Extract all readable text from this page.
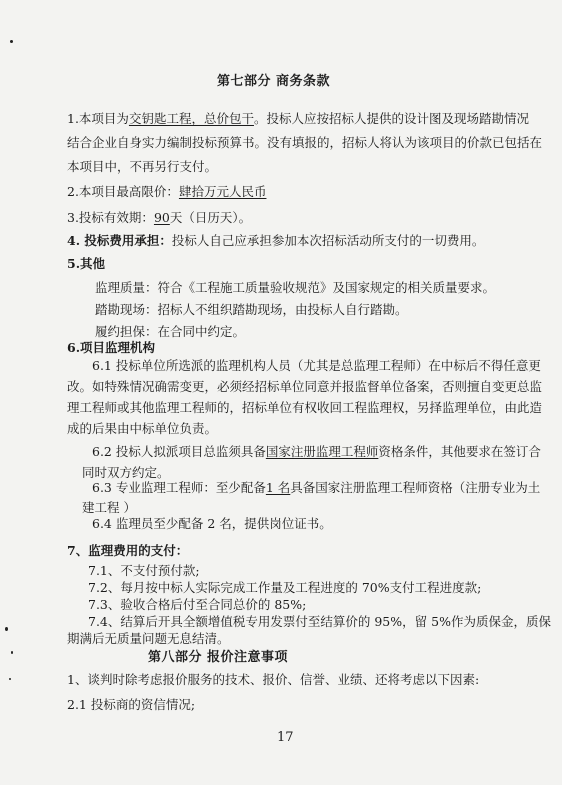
第七部分 商务条款
1.本项目为交钥匙工程，总价包干。投标人应按招标人提供的设计图及现场踏勘情况
结合企业自身实力编制投标预算书。没有填报的，招标人将认为该项目的价款已包括在
本项目中，不再另行支付。
2.本项目最高限价：肆拾万元人民币
3.投标有效期：90天（日历天）。
4. 投标费用承担：投标人自己应承担参加本次招标活动所支付的一切费用。
5.其他
监理质量：符合《工程施工质量验收规范》及国家规定的相关质量要求。
踏勘现场：招标人不组织踏勘现场，由投标人自行踏勘。
履约担保：在合同中约定。
6.项目监理机构
6.1 投标单位所选派的监理机构人员（尤其是总监理工程师）在中标后不得任意更
改。如特殊情况确需变更，必须经招标单位同意并报监督单位备案，否则擅自变更总监
理工程师或其他监理工程师的，招标单位有权收回工程监理权，另择监理单位，由此造
成的后果由中标单位负责。
6.2 投标人拟派项目总监须具备国家注册监理工程师资格条件，其他要求在签订合
同时双方约定。
6.3 专业监理工程师：至少配备1 名具备国家注册监理工程师资格（注册专业为土
建工程 ）
6.4 监理员至少配备 2 名，提供岗位证书。
7、监理费用的支付：
7.1、不支付预付款;
7.2、每月按中标人实际完成工作量及工程进度的 70%支付工程进度款;
7.3、验收合格后付至合同总价的 85%;
7.4、结算后开具全额增值税专用发票付至结算价的 95%，留 5%作为质保金，质保
期满后无质量问题无息结清。
第八部分 报价注意事项
1、谈判时除考虑报价服务的技术、报价、信誉、业绩、还将考虑以下因素:
2.1 投标商的资信情况;
17
